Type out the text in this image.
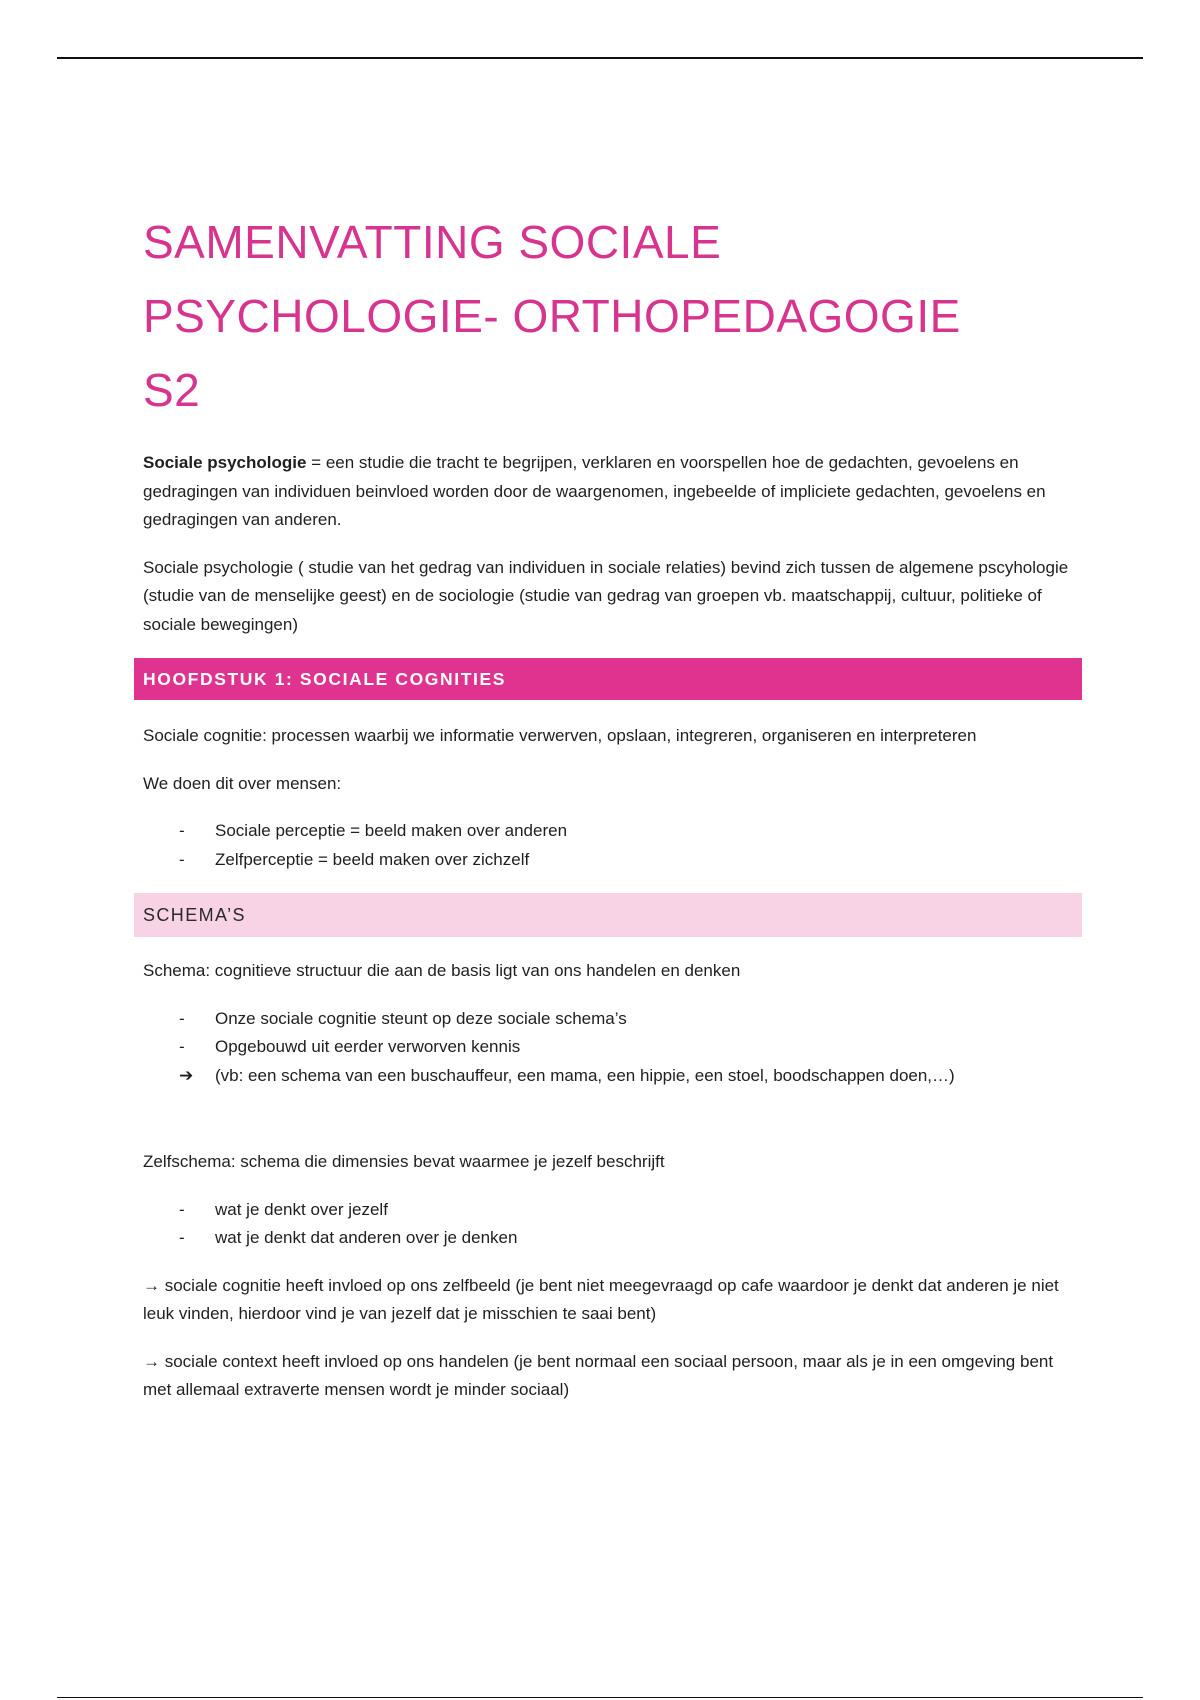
SAMENVATTING SOCIALE
PSYCHOLOGIE- ORTHOPEDAGOGIE
S2

Sociale psychologie = een studie die tracht te begrijpen, verklaren en voorspellen hoe de gedachten, gevoelens en gedragingen van individuen beinvloed worden door de waargenomen, ingebeelde of impliciete gedachten, gevoelens en gedragingen van anderen.

Sociale psychologie ( studie van het gedrag van individuen in sociale relaties) bevind zich tussen de algemene pscyhologie (studie van de menselijke geest) en de sociologie (studie van gedrag van groepen vb. maatschappij, cultuur, politieke of sociale bewegingen)

HOOFDSTUK 1: SOCIALE COGNITIES

Sociale cognitie: processen waarbij we informatie verwerven, opslaan, integreren, organiseren en interpreteren

We doen dit over mensen:

- Sociale perceptie = beeld maken over anderen
- Zelfperceptie = beeld maken over zichzelf
SCHEMA’S

Schema: cognitieve structuur die aan de basis ligt van ons handelen en denken

- Onze sociale cognitie steunt op deze sociale schema’s
- Opgebouwd uit eerder verworven kennis
➔ (vb: een schema van een buschauffeur, een mama, een hippie, een stoel, boodschappen doen,…)

Zelfschema: schema die dimensies bevat waarmee je jezelf beschrijft

- wat je denkt over jezelf
- wat je denkt dat anderen over je denken

→ sociale cognitie heeft invloed op ons zelfbeeld (je bent niet meegevraagd op cafe waardoor je denkt dat anderen je niet leuk vinden, hierdoor vind je van jezelf dat je misschien te saai bent)

→ sociale context heeft invloed op ons handelen (je bent normaal een sociaal persoon, maar als je in een omgeving bent met allemaal extraverte mensen wordt je minder sociaal)
